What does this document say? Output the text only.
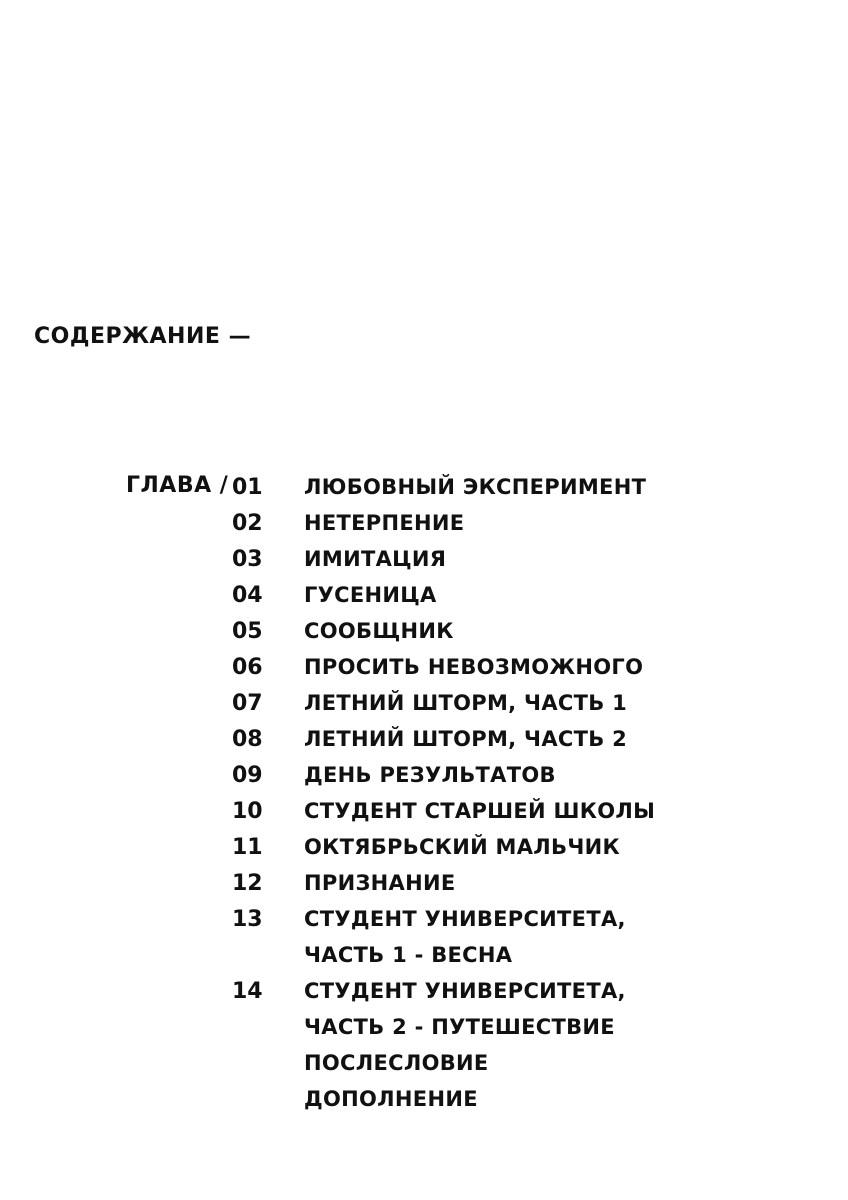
СОДЕРЖАНИЕ —
ГЛАВА / 01 ЛЮБОВНЫЙ ЭКСПЕРИМЕНТ
02 НЕТЕРПЕНИЕ
03 ИМИТАЦИЯ
04 ГУСЕНИЦА
05 СООБЩНИК
06 ПРОСИТЬ НЕВОЗМОЖНОГО
07 ЛЕТНИЙ ШТОРМ, ЧАСТЬ 1
08 ЛЕТНИЙ ШТОРМ, ЧАСТЬ 2
09 ДЕНЬ РЕЗУЛЬТАТОВ
10 СТУДЕНТ СТАРШЕЙ ШКОЛЫ
11 ОКТЯБРЬСКИЙ МАЛЬЧИК
12 ПРИЗНАНИЕ
13 СТУДЕНТ УНИВЕРСИТЕТА,
ЧАСТЬ 1 - ВЕСНА
14 СТУДЕНТ УНИВЕРСИТЕТА,
ЧАСТЬ 2 - ПУТЕШЕСТВИЕ
ПОСЛЕСЛОВИЕ
ДОПОЛНЕНИЕ
